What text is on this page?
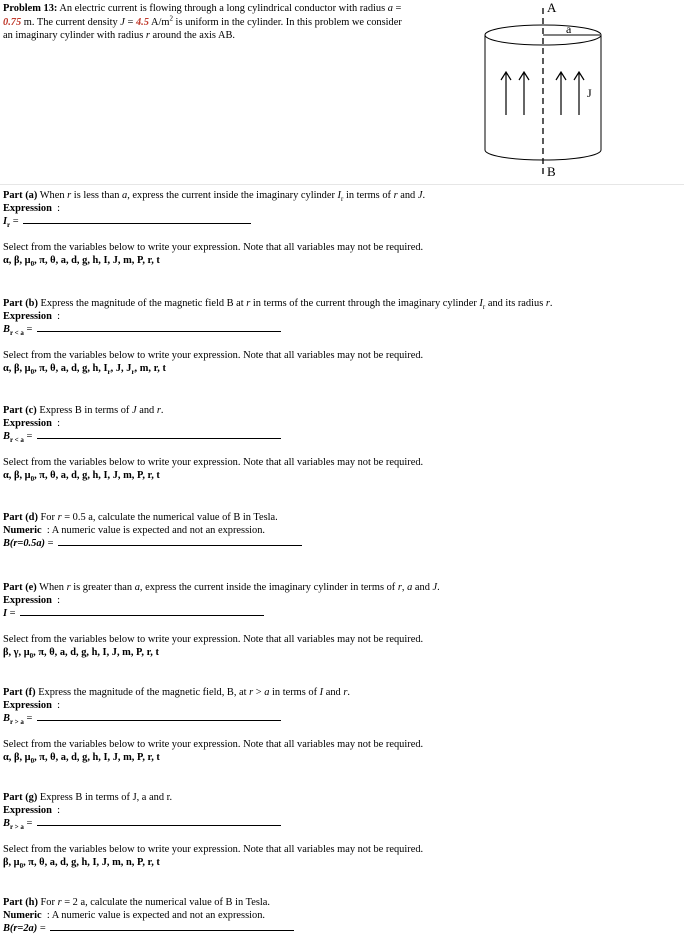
Problem 13: An electric current is flowing through a long cylindrical conductor with radius a = 0.75 m. The current density J = 4.5 $A/m^2$ is uniform in the cylinder. In this problem we consider an imaginary cylinder with radius r around the axis AB.
A
a
J
B
Part (a) When r is less than a, express the current inside the imaginary cylinder $I_r$ in terms of r and J.
Expression  :
$I_r$ =
Select from the variables below to write your expression. Note that all variables may not be required.
α, β, $\mu_0$, π, θ, a, d, g, h, I, J, m, P, r, t
Part (b) Express the magnitude of the magnetic field B at r in terms of the current through the imaginary cylinder $I_r$ and its radius r.
Expression  :
$B_{r < a}$ =
Select from the variables below to write your expression. Note that all variables may not be required.
α, β, $\mu_0$, π, θ, a, d, g, h, $I_r$, J, $J_r$, m, r, t
Part (c) Express B in terms of J and r.
Expression  :
$B_{r < a}$ =
Select from the variables below to write your expression. Note that all variables may not be required.
α, β, $\mu_0$, π, θ, a, d, g, h, I, J, m, P, r, t
Part (d) For r = 0.5 a, calculate the numerical value of B in Tesla.
Numeric  : A numeric value is expected and not an expression.
B(r=0.5a) =
Part (e) When r is greater than a, express the current inside the imaginary cylinder in terms of r, a and J.
Expression  :
I =
Select from the variables below to write your expression. Note that all variables may not be required.
β, γ, $\mu_0$, π, θ, a, d, g, h, I, J, m, P, r, t
Part (f) Express the magnitude of the magnetic field, B, at r > a in terms of I and r.
Expression  :
$B_{r > a}$ =
Select from the variables below to write your expression. Note that all variables may not be required.
α, β, $\mu_0$, π, θ, a, d, g, h, I, J, m, P, r, t
Part (g) Express B in terms of J, a and r.
Expression  :
$B_{r > a}$ =
Select from the variables below to write your expression. Note that all variables may not be required.
β, $\mu_0$, π, θ, a, d, g, h, I, J, m, n, P, r, t
Part (h) For r = 2 a, calculate the numerical value of B in Tesla.
Numeric  : A numeric value is expected and not an expression.
B(r=2a) =
